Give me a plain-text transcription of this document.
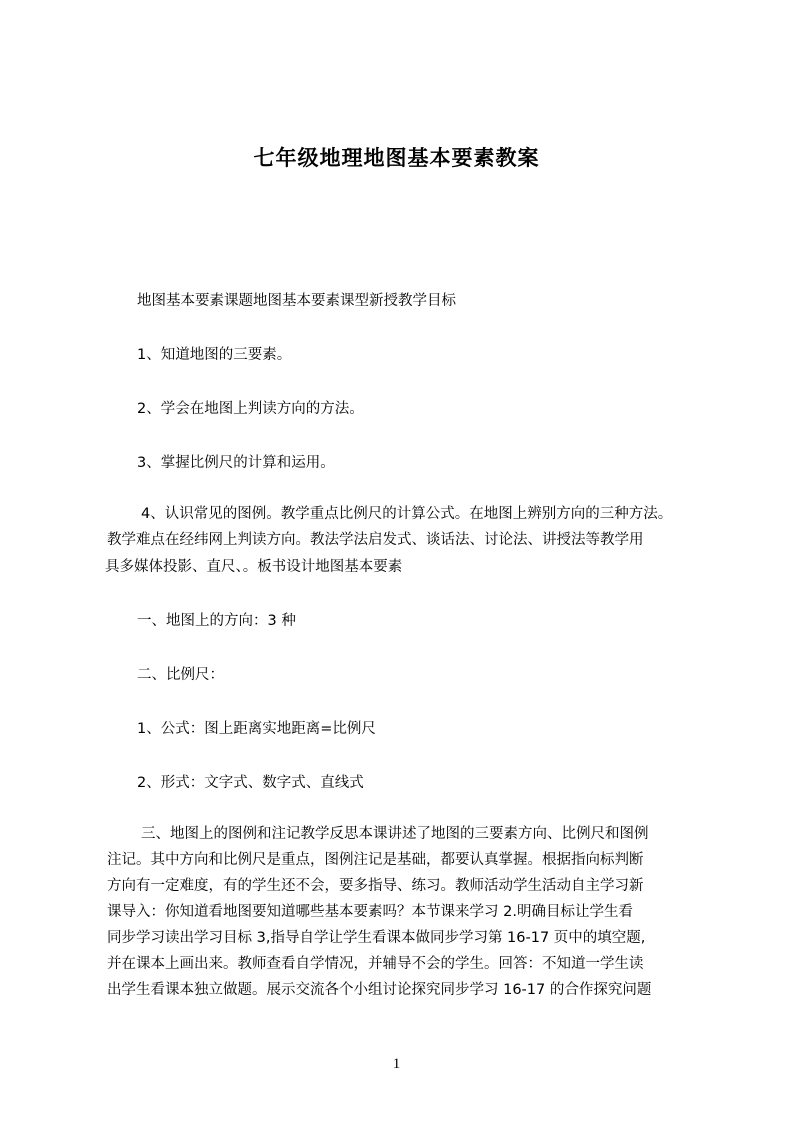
七年级地理地图基本要素教案
地图基本要素课题地图基本要素课型新授教学目标
1、知道地图的三要素。
2、学会在地图上判读方向的方法。
3、掌握比例尺的计算和运用。
4、认识常见的图例。教学重点比例尺的计算公式。在地图上辨别方向的三种方法。
教学难点在经纬网上判读方向。教法学法启发式、谈话法、讨论法、讲授法等教学用
具多媒体投影、直尺、。板书设计地图基本要素
一、地图上的方向：3 种
二、比例尺：
1、公式：图上距离实地距离=比例尺
2、形式：文字式、数字式、直线式
三、地图上的图例和注记教学反思本课讲述了地图的三要素方向、比例尺和图例
注记。其中方向和比例尺是重点，图例注记是基础，都要认真掌握。根据指向标判断
方向有一定难度，有的学生还不会，要多指导、练习。教师活动学生活动自主学习新
课导入：你知道看地图要知道哪些基本要素吗？本节课来学习 2.明确目标让学生看
同步学习读出学习目标 3,指导自学让学生看课本做同步学习第 16-17 页中的填空题,
并在课本上画出来。教师查看自学情况，并辅导不会的学生。回答：不知道一学生读
出学生看课本独立做题。展示交流各个小组讨论探究同步学习 16-17 的合作探究问题
1
